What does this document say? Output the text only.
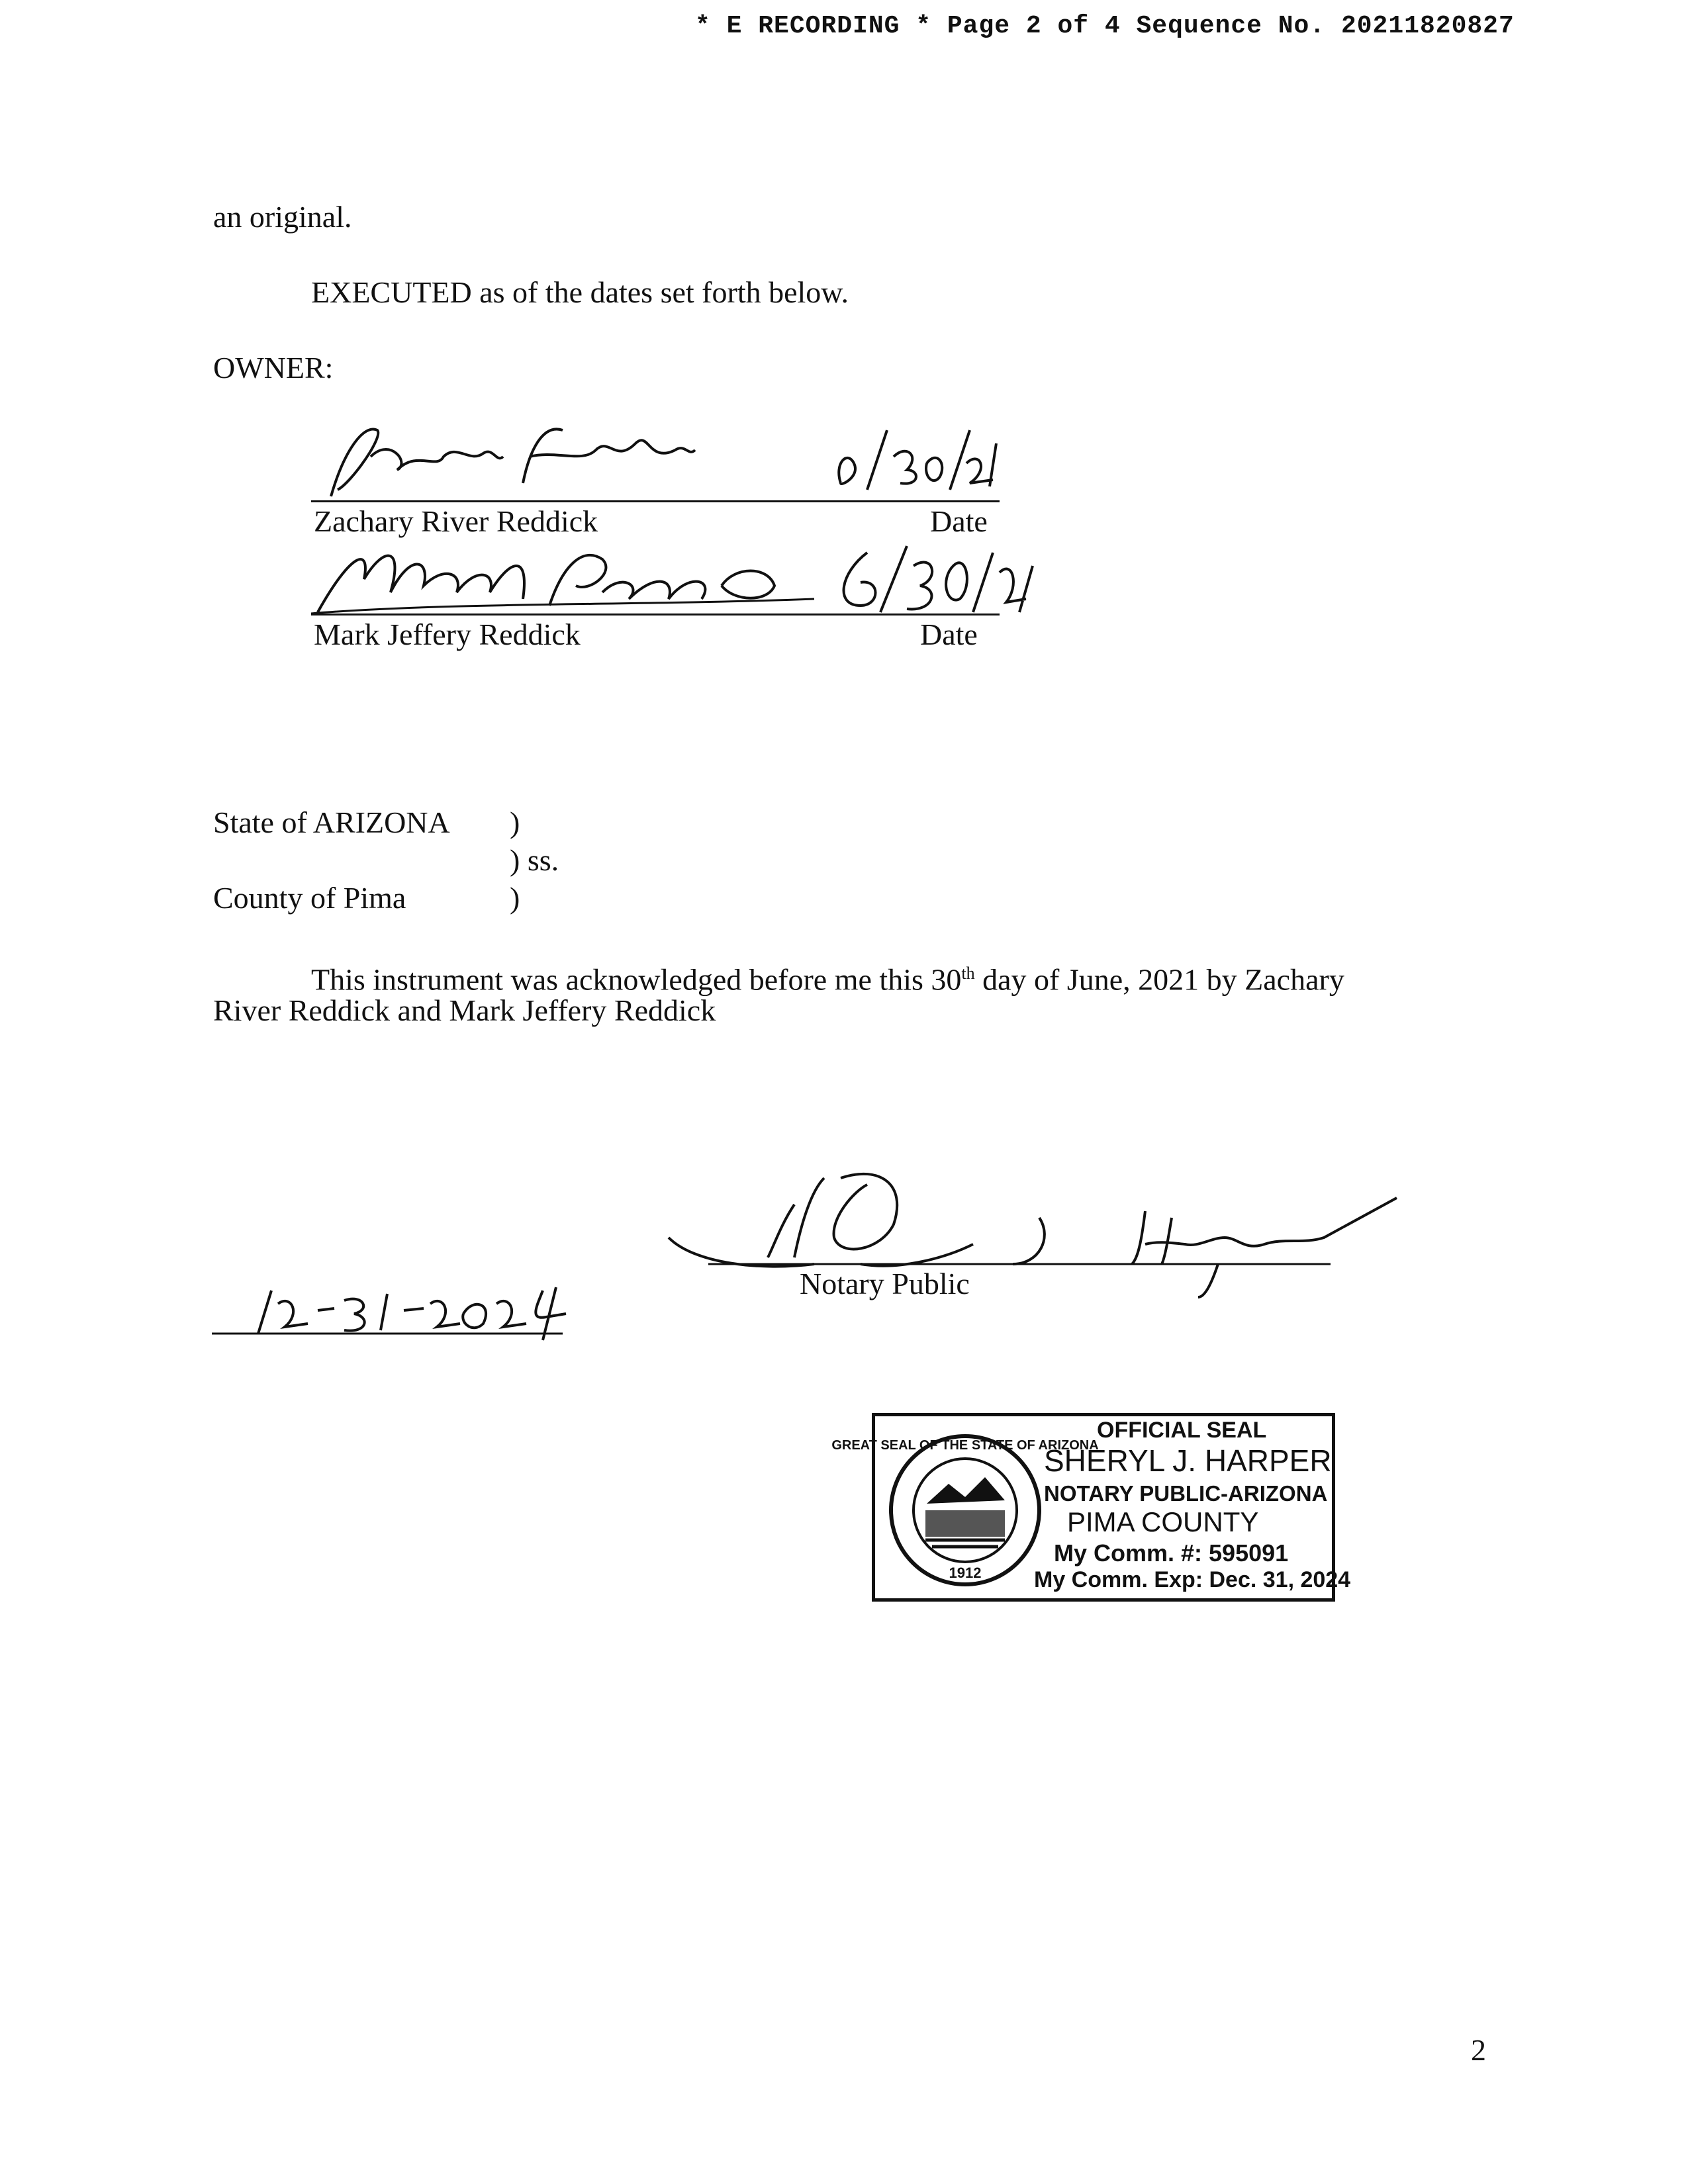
* E RECORDING * Page 2 of 4 Sequence No. 20211820827
an original.
EXECUTED as of the dates set forth below.
OWNER:
Zachary River Reddick	Date
Mark Jeffery Reddick	Date
State of ARIZONA )
) ss.
County of Pima	)
This instrument was acknowledged before me this 30th day of June, 2021 by Zachary
River Reddick and Mark Jeffery Reddick
Notary Public
GREAT SEAL OF THE STATE OF ARIZONA
1912
OFFICIAL SEAL
SHERYL J. HARPER
NOTARY PUBLIC-ARIZONA
PIMA COUNTY
My Comm. #: 595091
My Comm. Exp: Dec. 31, 2024
2
